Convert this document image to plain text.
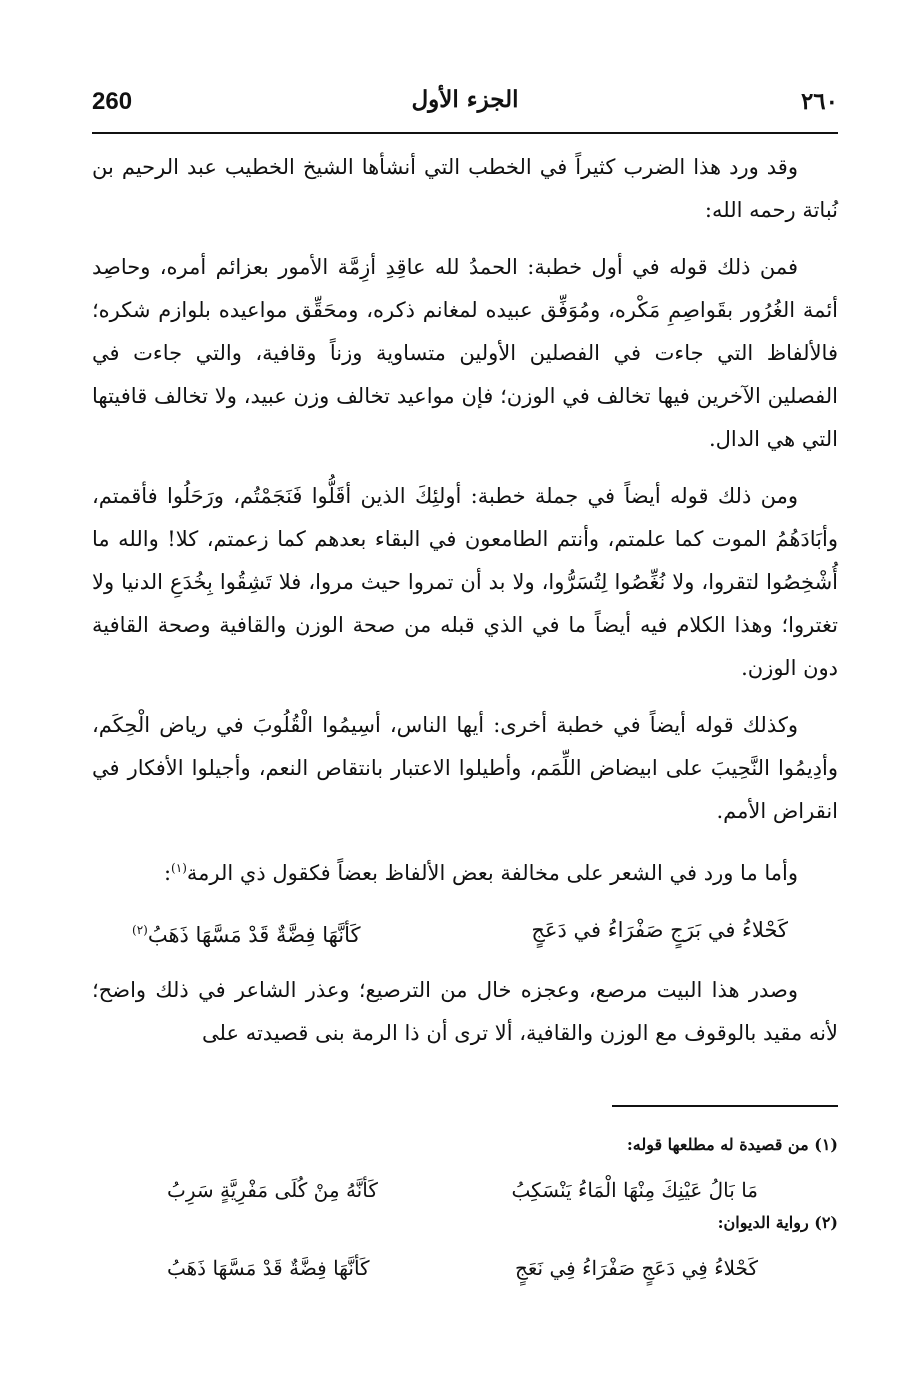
260	الجزء الأول	٢٦٠

وقد ورد هذا الضرب كثيراً في الخطب التي أنشأها الشيخ الخطيب عبد الرحيم بن نُباتة رحمه الله:

فمن ذلك قوله في أول خطبة: الحمدُ لله عاقِدِ أزِمَّة الأمور بعزائم أمره، وحاصِد أئمة الغُرُور بقَواصِمِ مَكْره، ومُوَفِّق عبيده لمغانم ذكره، ومحَقِّق مواعيده بلوازم شكره؛ فالألفاظ التي جاءت في الفصلين الأولين متساوية وزناً وقافية، والتي جاءت في الفصلين الآخرين فيها تخالف في الوزن؛ فإن مواعيد تخالف وزن عبيد، ولا تخالف قافيتها التي هي الدال.

ومن ذلك قوله أيضاً في جملة خطبة: أولئِكَ الذين أقَلُّوا فَنَجَمْتُم، ورَحَلُوا فأقمتم، وأبَادَهُمُ الموت كما علمتم، وأنتم الطامعون في البقاء بعدهم كما زعمتم، كلا! والله ما أُشْخِصُوا لتقروا، ولا نُغِّصُوا لِتُسَرُّوا، ولا بد أن تمروا حيث مروا، فلا تَشِقُوا بِخُدَعِ الدنيا ولا تغتروا؛ وهذا الكلام فيه أيضاً ما في الذي قبله من صحة الوزن والقافية وصحة القافية دون الوزن.

وكذلك قوله أيضاً في خطبة أخرى: أيها الناس، أسِيمُوا الْقُلُوبَ في رياض الْحِكَم، وأدِيمُوا النَّحِيبَ على ابيضاض اللِّمَم، وأطيلوا الاعتبار بانتقاص النعم، وأجيلوا الأفكار في انقراض الأمم.

وأما ما ورد في الشعر على مخالفة بعض الألفاظ بعضاً فكقول ذي الرمة$^{(١)}$:

كَحْلاءُ في بَرَجٍ صَفْرَاءُ في دَعَجٍ
كَأنَّهَا فِضَّةٌ قَدْ مَسَّهَا ذَهَبُ$^{(٢)}$

وصدر هذا البيت مرصع، وعجزه خال من الترصيع؛ وعذر الشاعر في ذلك واضح؛ لأنه مقيد بالوقوف مع الوزن والقافية، ألا ترى أن ذا الرمة بنى قصيدته على

(١) من قصيدة له مطلعها قوله:
مَا بَالُ عَيْنِكَ مِنْهَا الْمَاءُ يَنْسَكِبُ
كَأنَّهُ مِنْ كُلَى مَفْرِيَّةٍ سَرِبُ
(٢) رواية الديوان:
كَحْلاءُ فِي دَعَجٍ صَفْرَاءُ فِي نَعَجٍ
كَأنَّهَا فِضَّةٌ قَدْ مَسَّهَا ذَهَبُ
